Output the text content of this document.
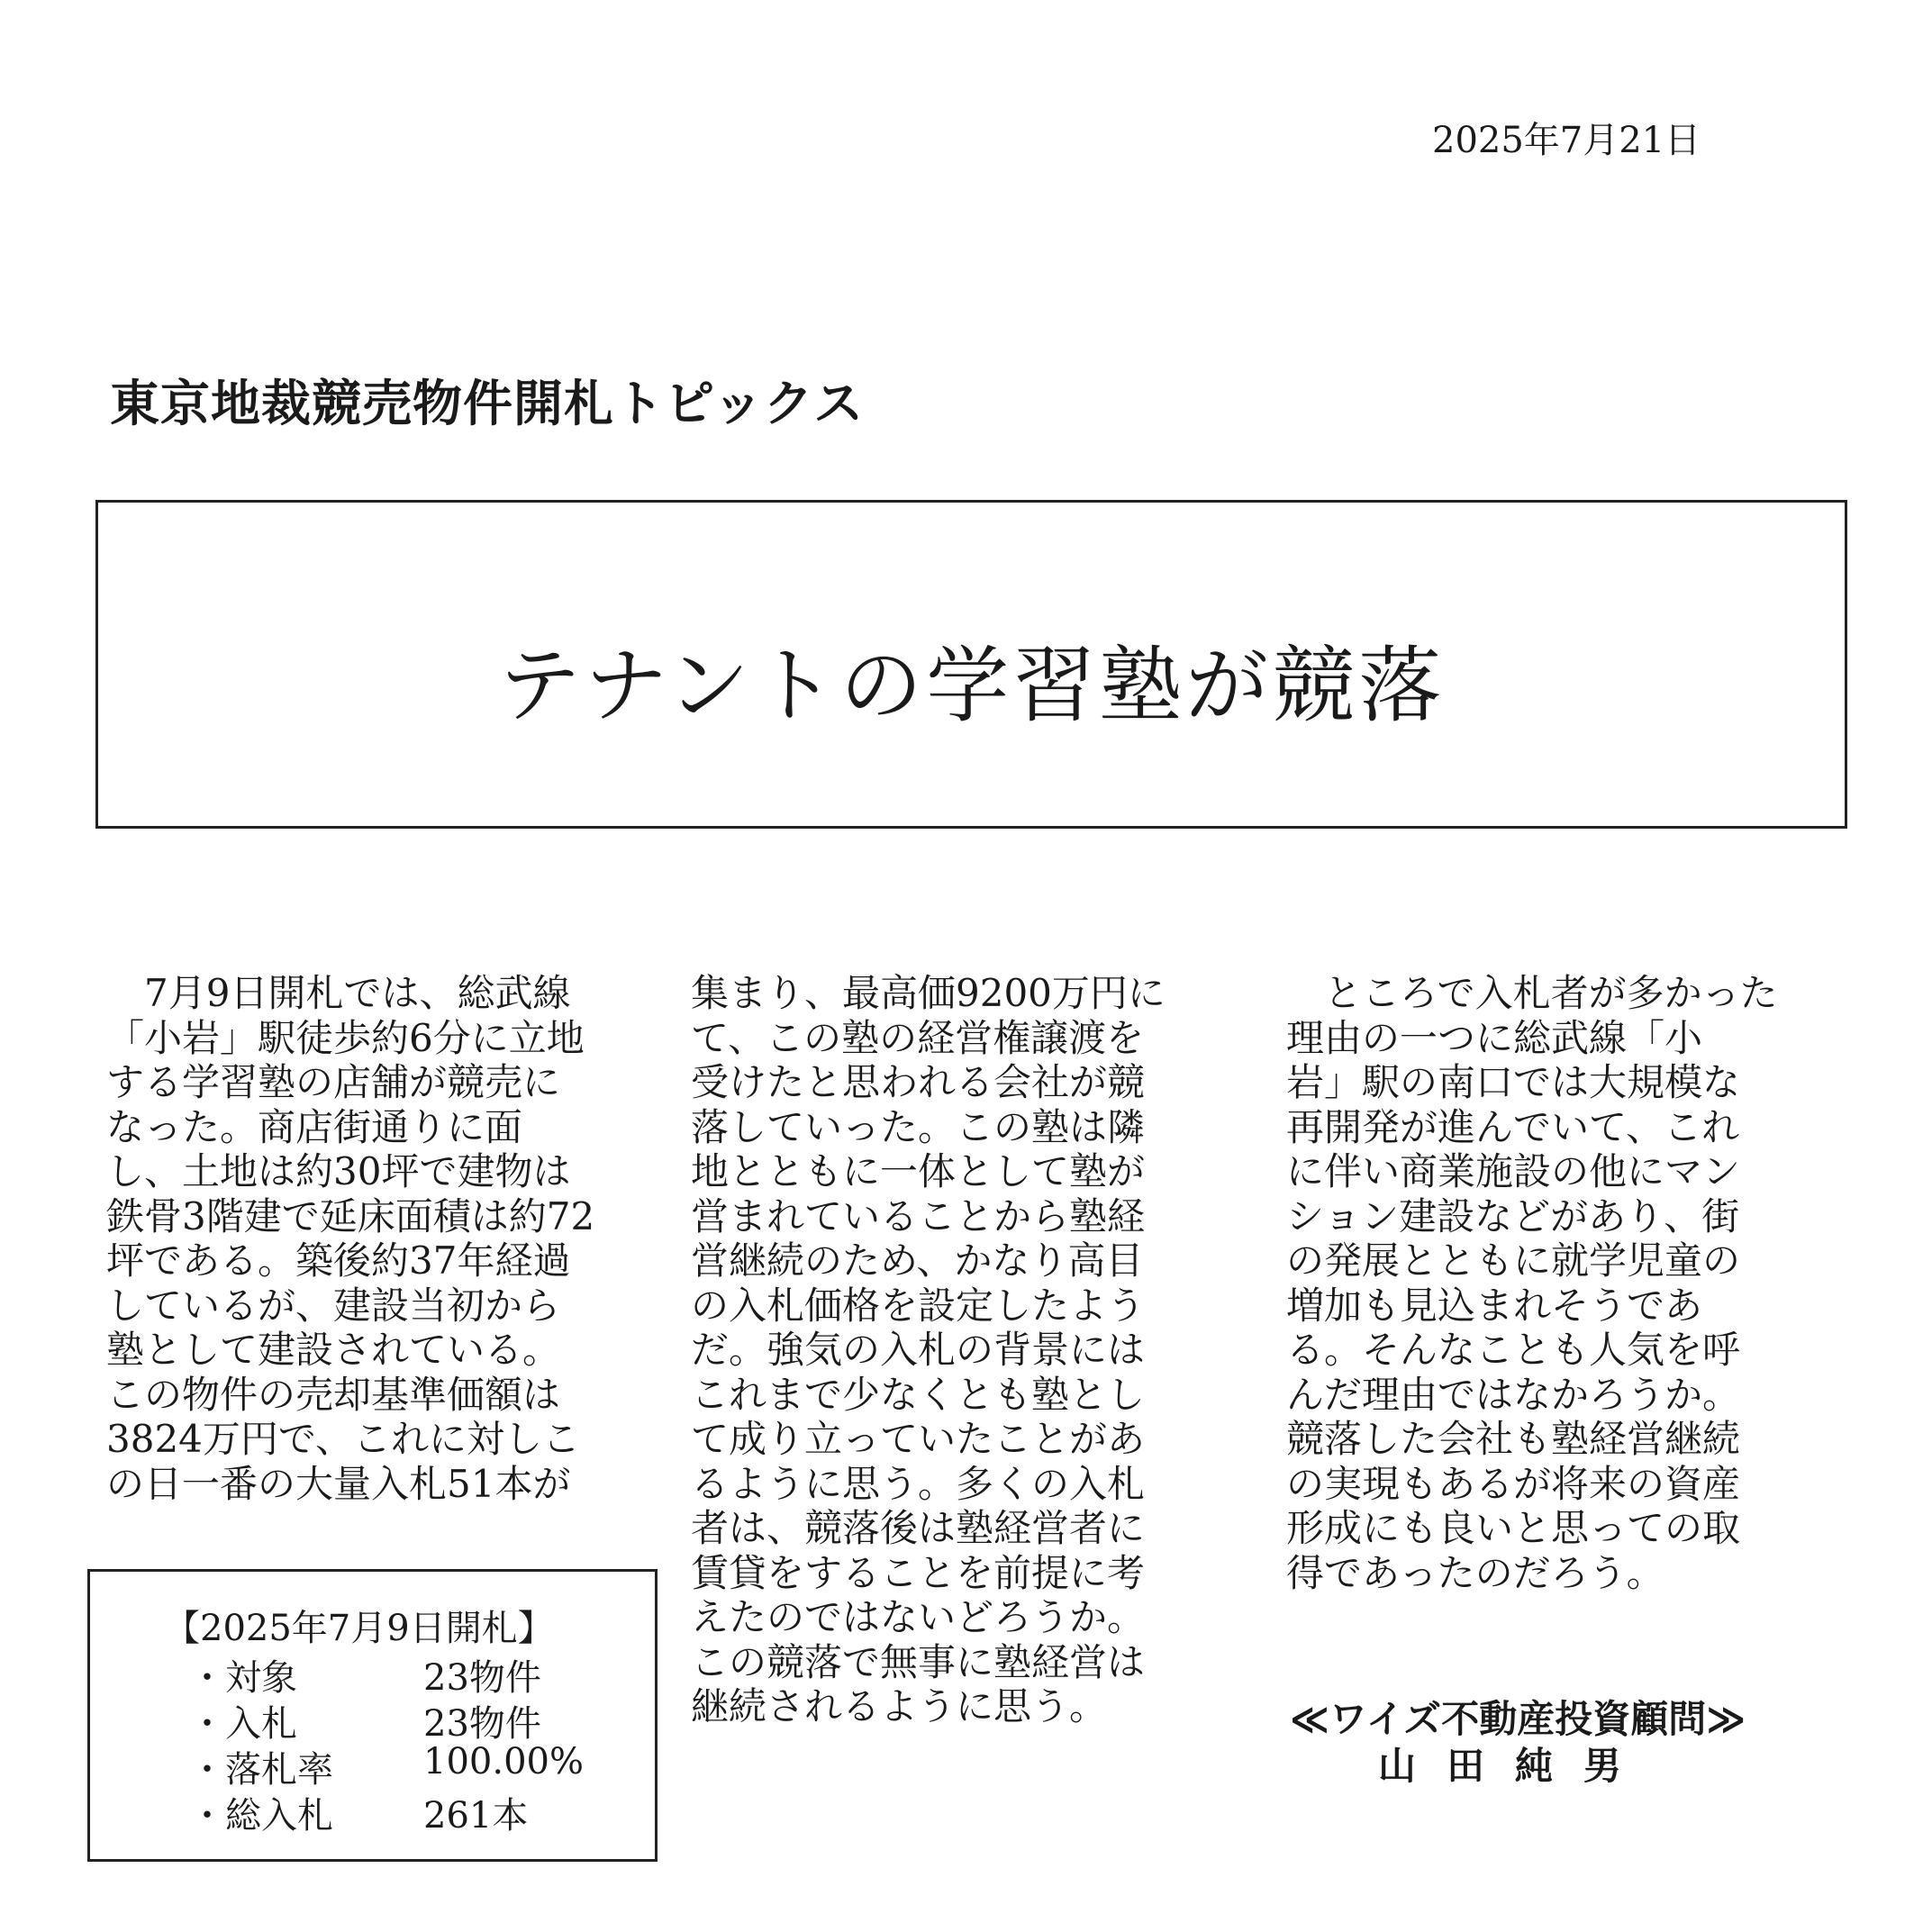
2025年7月21日
東京地裁競売物件開札トピックス
テナントの学習塾が競落
　7月9日開札では、総武線
「小岩」駅徒歩約6分に立地
する学習塾の店舗が競売に
なった。商店街通りに面
し、土地は約30坪で建物は
鉄骨3階建で延床面積は約72
坪である。築後約37年経過
しているが、建設当初から
塾として建設されている。
この物件の売却基準価額は
3824万円で、これに対しこ
の日一番の大量入札51本が
集まり、最高価9200万円に
て、この塾の経営権譲渡を
受けたと思われる会社が競
落していった。この塾は隣
地とともに一体として塾が
営まれていることから塾経
営継続のため、かなり高目
の入札価格を設定したよう
だ。強気の入札の背景には
これまで少なくとも塾とし
て成り立っていたことがあ
るように思う。多くの入札
者は、競落後は塾経営者に
賃貸をすることを前提に考
えたのではないどろうか。
この競落で無事に塾経営は
継続されるように思う。
　ところで入札者が多かった
理由の一つに総武線「小
岩」駅の南口では大規模な
再開発が進んでいて、これ
に伴い商業施設の他にマン
ション建設などがあり、街
の発展とともに就学児童の
増加も見込まれそうであ
る。そんなことも人気を呼
んだ理由ではなかろうか。
競落した会社も塾経営継続
の実現もあるが将来の資産
形成にも良いと思っての取
得であったのだろう。
【2025年7月9日開札】
・対象	23物件
・入札	23物件
・落札率	100.00%
・総入札	261本
≪ワイズ不動産投資顧問≫
山田純男
